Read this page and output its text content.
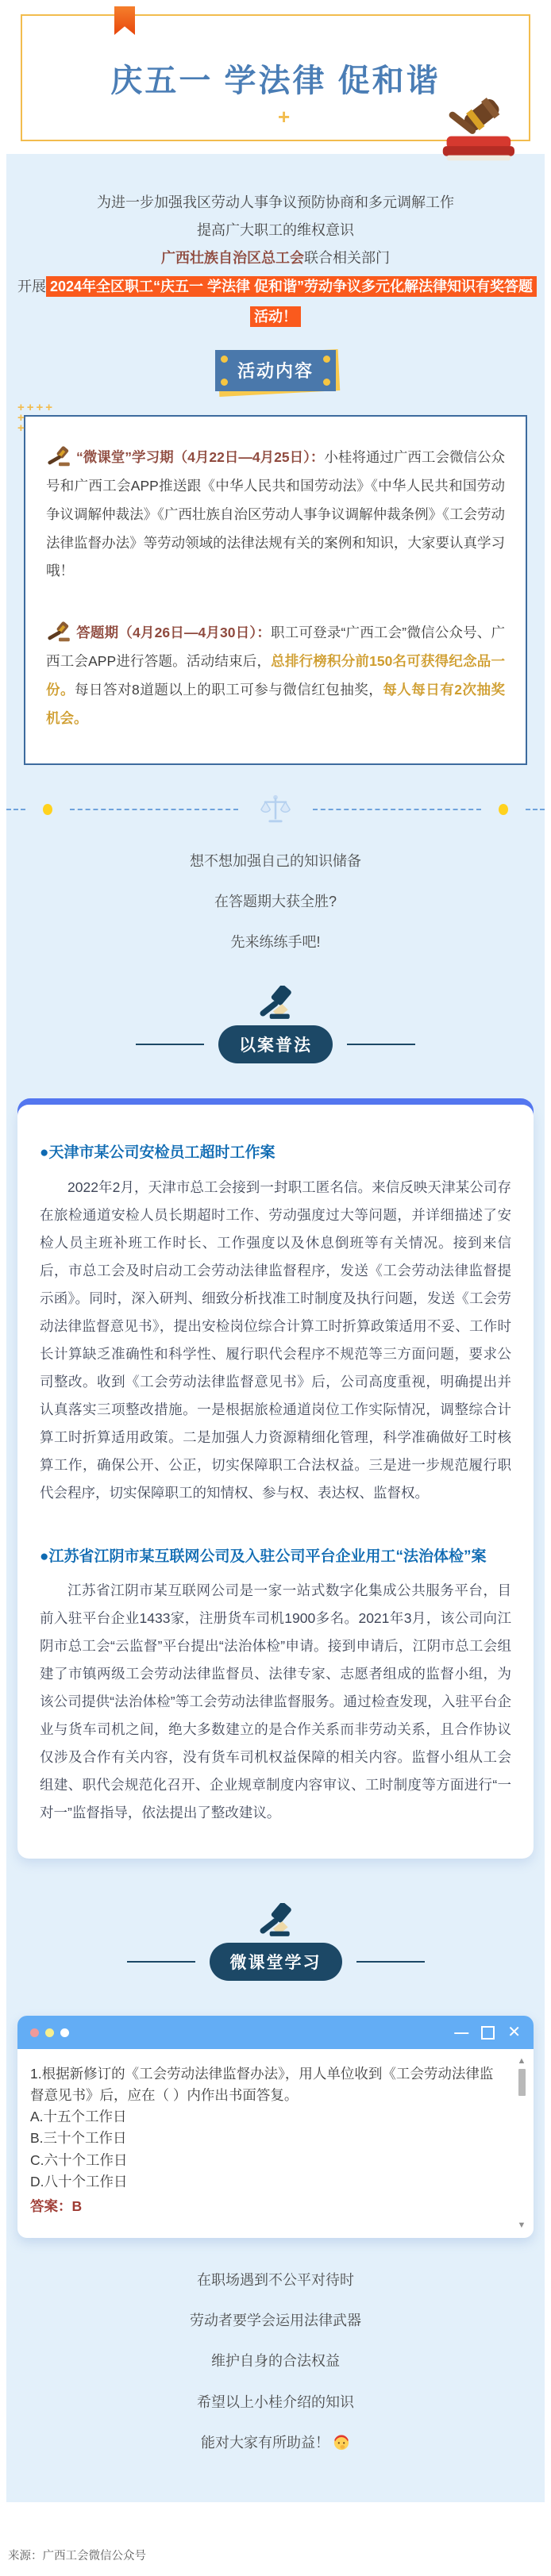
庆五一 学法律 促和谐
+
为进一步加强我区劳动人事争议预防协商和多元调解工作
提高广大职工的维权意识
广西壮族自治区总工会联合相关部门
开展 2024年全区职工“庆五一 学法律 促和谐”劳动争议多元化解法律知识有奖答题活动！
活动内容
++++
+
+
“微课堂”学习期（4月22日—4月25日）：小桂将通过广西工会微信公众号和广西工会APP推送跟《中华人民共和国劳动法》《中华人民共和国劳动争议调解仲裁法》《广西壮族自治区劳动人事争议调解仲裁条例》《工会劳动法律监督办法》等劳动领域的法律法规有关的案例和知识，大家要认真学习哦！
答题期（4月26日—4月30日）：职工可登录“广西工会”微信公众号、广西工会APP进行答题。活动结束后，总排行榜积分前150名可获得纪念品一份。每日答对8道题以上的职工可参与微信红包抽奖，每人每日有2次抽奖机会。
想不想加强自己的知识储备
在答题期大获全胜?
先来练练手吧!
以案普法
●天津市某公司安检员工超时工作案
2022年2月，天津市总工会接到一封职工匿名信。来信反映天津某公司存在旅检通道安检人员长期超时工作、劳动强度过大等问题，并详细描述了安检人员主班补班工作时长、工作强度以及休息倒班等有关情况。接到来信后，市总工会及时启动工会劳动法律监督程序，发送《工会劳动法律监督提示函》。同时，深入研判、细致分析找准工时制度及执行问题，发送《工会劳动法律监督意见书》，提出安检岗位综合计算工时折算政策适用不妥、工作时长计算缺乏准确性和科学性、履行职代会程序不规范等三方面问题，要求公司整改。收到《工会劳动法律监督意见书》后，公司高度重视，明确提出并认真落实三项整改措施。一是根据旅检通道岗位工作实际情况，调整综合计算工时折算适用政策。二是加强人力资源精细化管理，科学准确做好工时核算工作，确保公开、公正，切实保障职工合法权益。三是进一步规范履行职代会程序，切实保障职工的知情权、参与权、表达权、监督权。
●江苏省江阴市某互联网公司及入驻公司平台企业用工“法治体检”案
江苏省江阴市某互联网公司是一家一站式数字化集成公共服务平台，目前入驻平台企业1433家，注册货车司机1900多名。2021年3月，该公司向江阴市总工会“云监督”平台提出“法治体检”申请。接到申请后，江阴市总工会组建了市镇两级工会劳动法律监督员、法律专家、志愿者组成的监督小组，为该公司提供“法治体检”等工会劳动法律监督服务。通过检查发现，入驻平台企业与货车司机之间，绝大多数建立的是合作关系而非劳动关系，且合作协议仅涉及合作有关内容，没有货车司机权益保障的相关内容。监督小组从工会组建、职代会规范化召开、企业规章制度内容审议、工时制度等方面进行“一对一”监督指导，依法提出了整改建议。
微课堂学习
— ✕
1.根据新修订的《工会劳动法律监督办法》，用人单位收到《工会劳动法律监督意见书》后，应在（ ）内作出书面答复。
A.十五个工作日
B.三十个工作日
C.六十个工作日
D.八十个工作日
答案：B
▲
▼
在职场遇到不公平对待时
劳动者要学会运用法律武器
维护自身的合法权益
希望以上小桂介绍的知识
能对大家有所助益！
来源：广西工会微信公众号
